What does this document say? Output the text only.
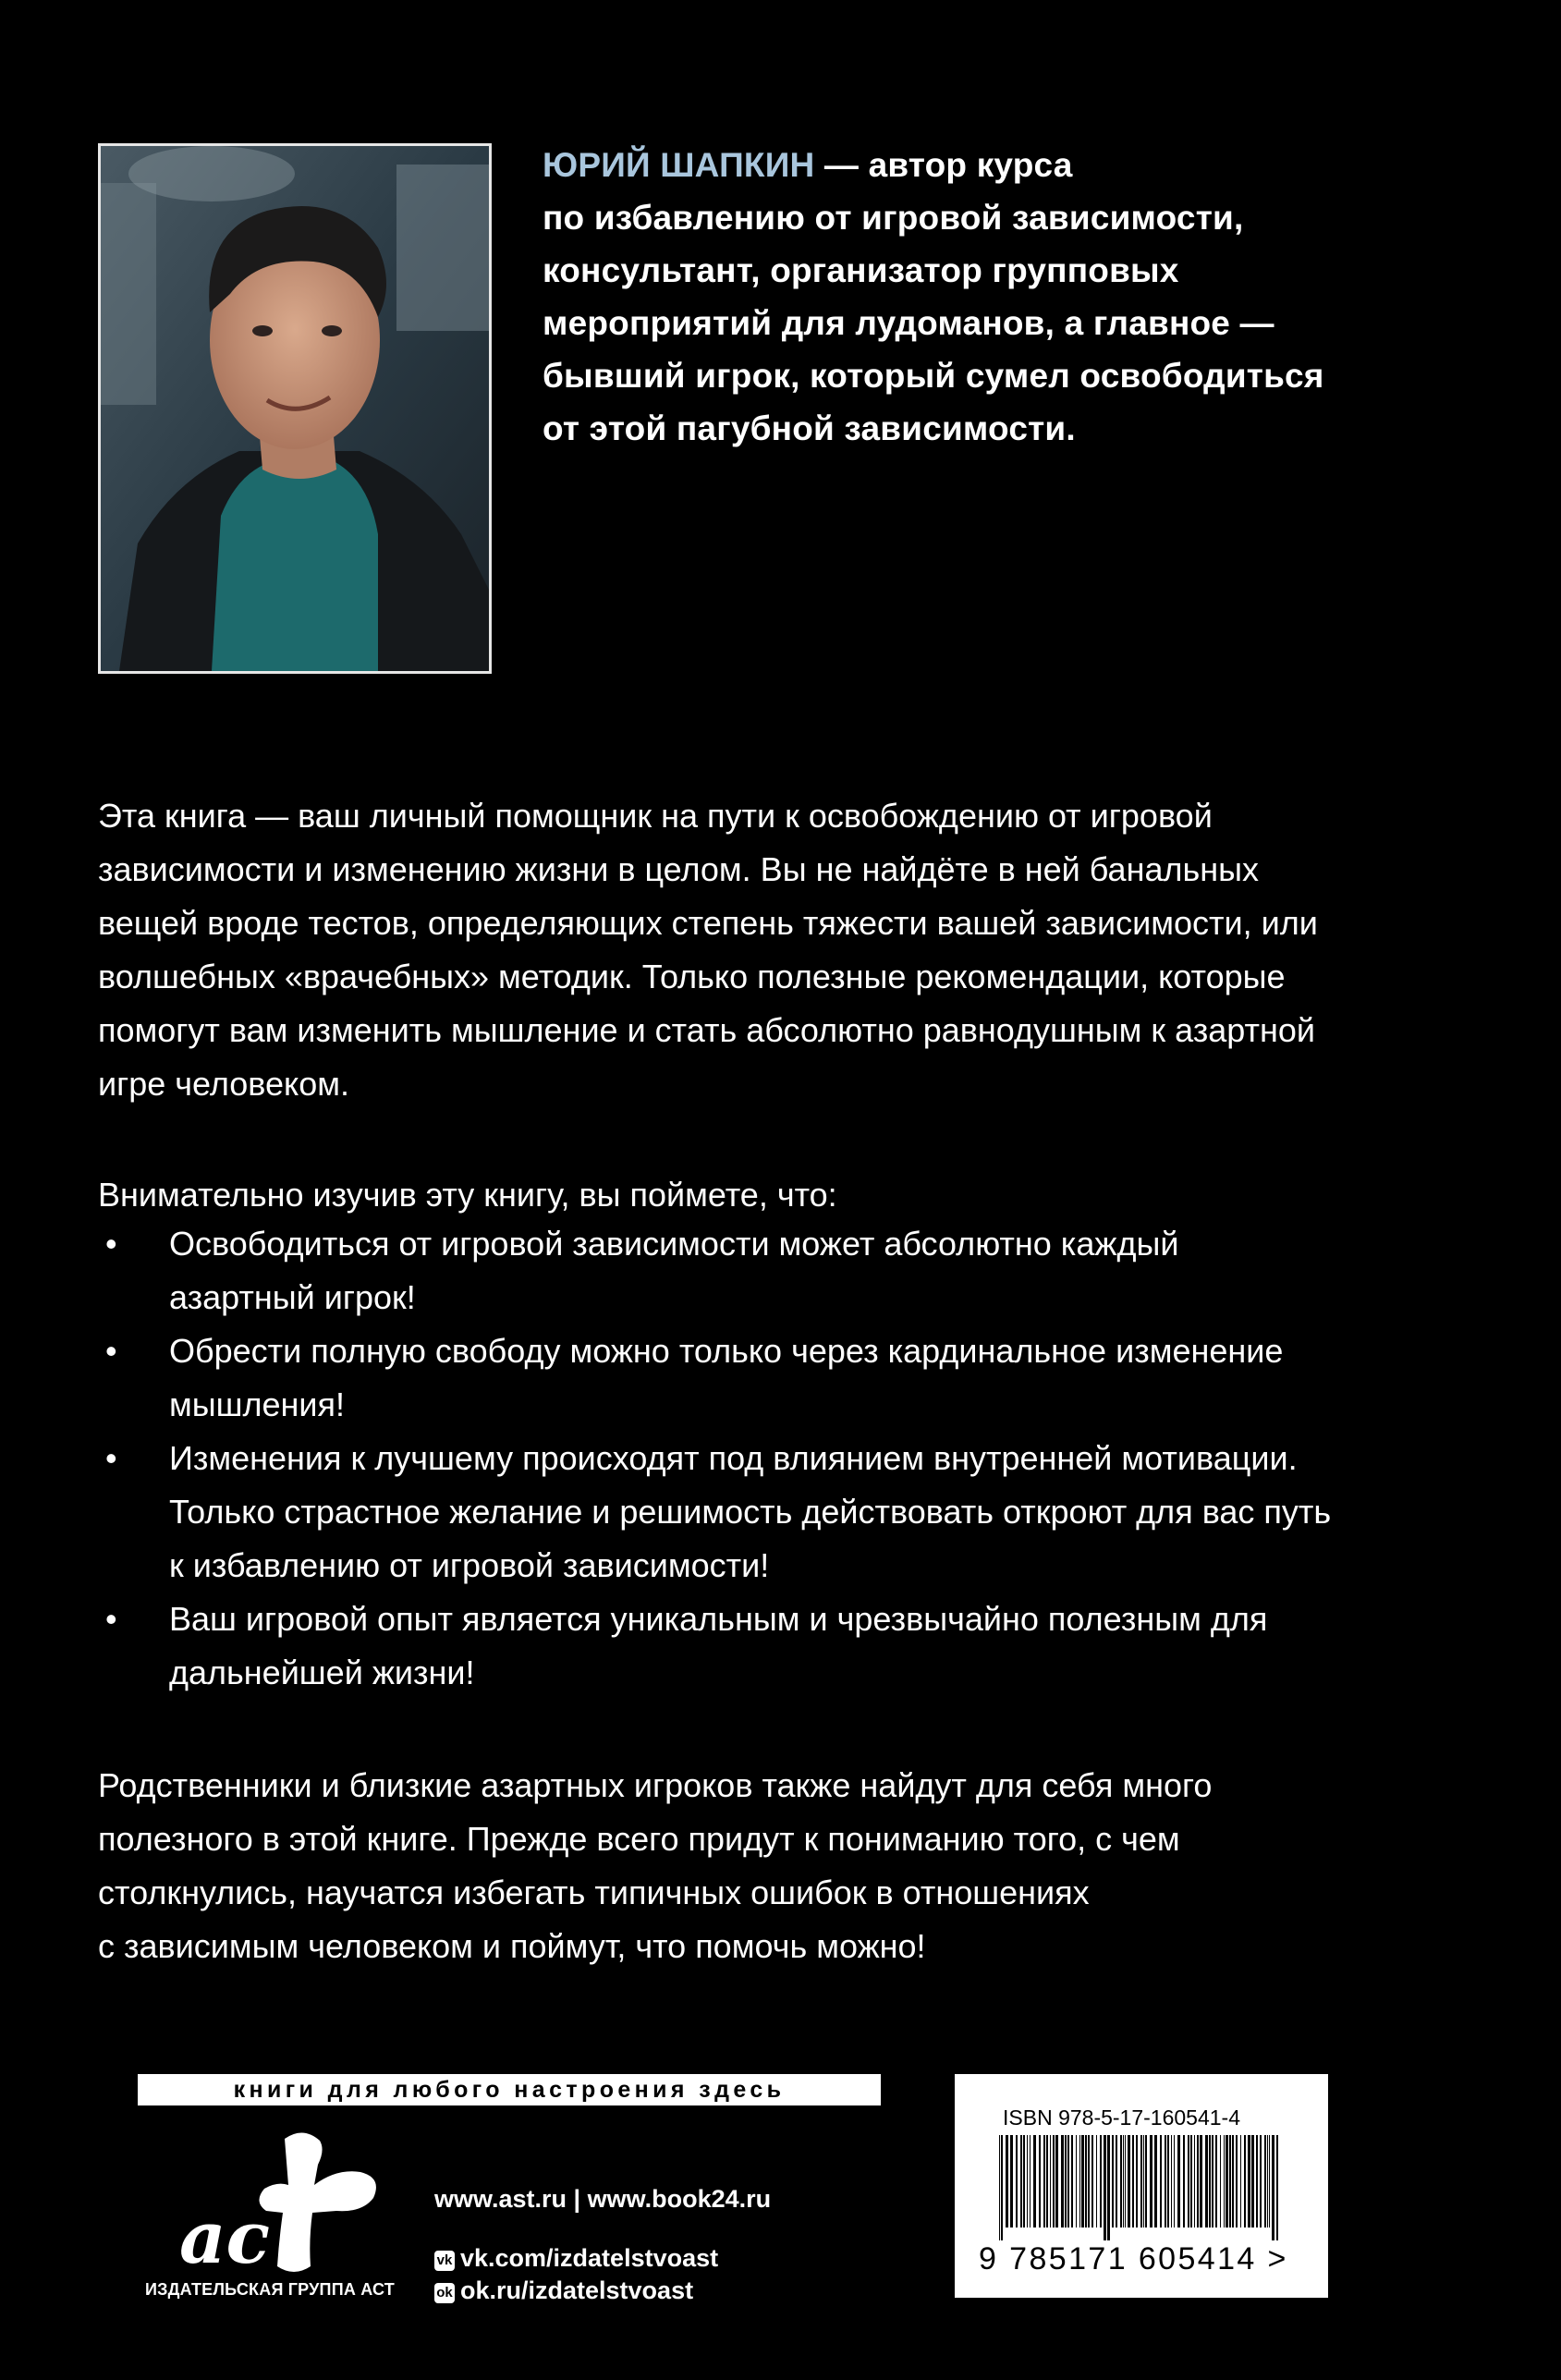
ЮРИЙ ШАПКИН — автор курса
по избавлению от игровой зависимости,
консультант, организатор групповых
мероприятий для лудоманов, а главное —
бывший игрок, который сумел освободиться
от этой пагубной зависимости.
Эта книга — ваш личный помощник на пути к освобождению от игровой
зависимости и изменению жизни в целом. Вы не найдёте в ней банальных
вещей вроде тестов, определяющих степень тяжести вашей зависимости, или
волшебных «врачебных» методик. Только полезные рекомендации, которые
помогут вам изменить мышление и стать абсолютно равнодушным к азартной
игре человеком.
Внимательно изучив эту книгу, вы поймете, что:
• Освободиться от игровой зависимости может абсолютно каждый
азартный игрок!
• Обрести полную свободу можно только через кардинальное изменение
мышления!
• Изменения к лучшему происходят под влиянием внутренней мотивации.
Только страстное желание и решимость действовать откроют для вас путь
к избавлению от игровой зависимости!
• Ваш игровой опыт является уникальным и чрезвычайно полезным для
дальнейшей жизни!
Родственники и близкие азартных игроков также найдут для себя много
полезного в этой книге. Прежде всего придут к пониманию того, с чем
столкнулись, научатся избегать типичных ошибок в отношениях
с зависимым человеком и поймут, что помочь можно!
книги для любого настроения здесь
ac
ИЗДАТЕЛЬСКАЯ ГРУППА АСТ
www.ast.ru | www.book24.ru
vk vk.com/izdatelstvoast
ok ok.ru/izdatelstvoast
ISBN 978-5-17-160541-4
9 785171 605414 >
